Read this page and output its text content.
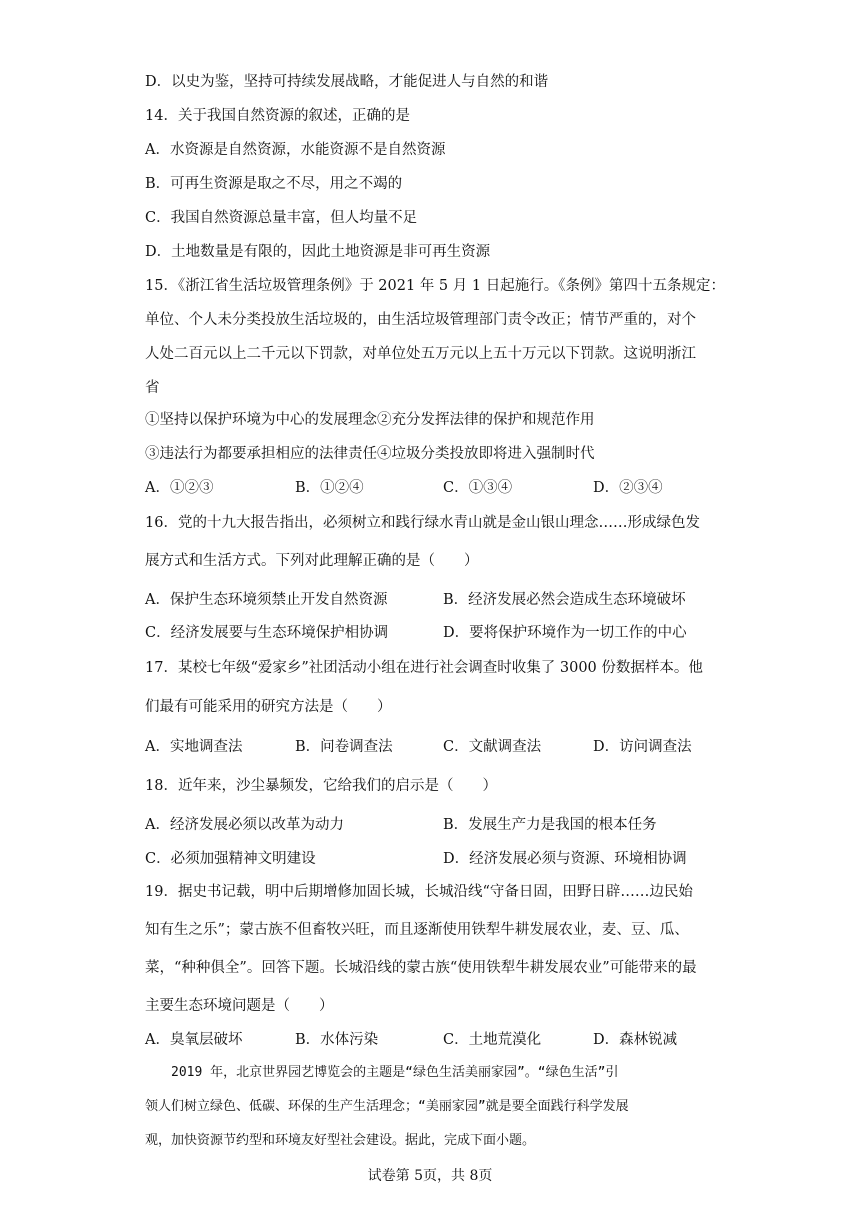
D．以史为鉴，坚持可持续发展战略，才能促进人与自然的和谐
14．关于我国自然资源的叙述，正确的是
A．水资源是自然资源，水能资源不是自然资源
B．可再生资源是取之不尽，用之不竭的
C．我国自然资源总量丰富，但人均量不足
D．土地数量是有限的，因此土地资源是非可再生资源
15．《浙江省生活垃圾管理条例》于 2021 年 5 月 1 日起施行。《条例》第四十五条规定：
单位、个人未分类投放生活垃圾的，由生活垃圾管理部门责令改正；情节严重的，对个
人处二百元以上二千元以下罚款，对单位处五万元以上五十万元以下罚款。这说明浙江
省
①坚持以保护环境为中心的发展理念②充分发挥法律的保护和规范作用
③违法行为都要承担相应的法律责任④垃圾分类投放即将进入强制时代
A．①②③	B．①②④	C．①③④	D．②③④
16．党的十九大报告指出，必须树立和践行绿水青山就是金山银山理念……形成绿色发
展方式和生活方式。下列对此理解正确的是（　　）
A．保护生态环境须禁止开发自然资源	B．经济发展必然会造成生态环境破坏
C．经济发展要与生态环境保护相协调	D．要将保护环境作为一切工作的中心
17．某校七年级“爱家乡”社团活动小组在进行社会调查时收集了 3000 份数据样本。他
们最有可能采用的研究方法是（　　）
A．实地调查法	B．问卷调查法	C．文献调查法	D．访问调查法
18．近年来，沙尘暴频发，它给我们的启示是（　　）
A．经济发展必须以改革为动力	B．发展生产力是我国的根本任务
C．必须加强精神文明建设	D．经济发展必须与资源、环境相协调
19．据史书记载，明中后期增修加固长城，长城沿线“守备日固，田野日辟……边民始
知有生之乐”；蒙古族不但畜牧兴旺，而且逐渐使用铁犁牛耕发展农业，麦、豆、瓜、
菜，“种种俱全”。回答下题。长城沿线的蒙古族“使用铁犁牛耕发展农业”可能带来的最
主要生态环境问题是（　　）
A．臭氧层破坏	B．水体污染	C．土地荒漠化	D．森林锐减
　　2019 年，北京世界园艺博览会的主题是“绿色生活美丽家园”。“绿色生活”引
领人们树立绿色、低碳、环保的生产生活理念；“美丽家园”就是要全面践行科学发展
观，加快资源节约型和环境友好型社会建设。据此，完成下面小题。
试卷第 5页，共 8页
